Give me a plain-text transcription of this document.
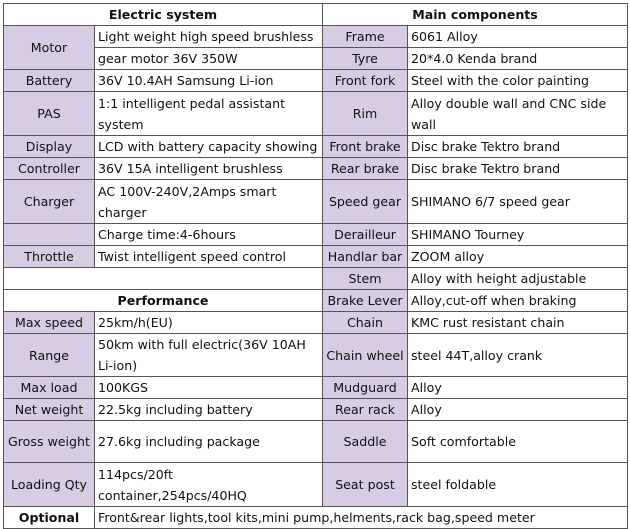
Electric system		Main components	
Motor	Light weight high speed brushless	Frame	6061 Alloy
	gear motor 36V 350W	Tyre	20*4.0 Kenda brand
Battery	36V 10.4AH Samsung Li-ion	Front fork	Steel with the color painting
PAS	1:1 intelligent pedal assistant system	Rim	Alloy double wall and CNC side wall
Display	LCD with battery capacity showing	Front brake	Disc brake Tektro brand
Controller	36V 15A intelligent brushless	Rear brake	Disc brake Tektro brand
Charger	AC 100V-240V,2Amps smart charger	Speed gear	SHIMANO 6/7 speed gear
	Charge time:4-6hours	Derailleur	SHIMANO Tourney
Throttle	Twist intelligent speed control	Handlar bar	ZOOM alloy
		Stem	Alloy with height adjustable
Performance		Brake Lever	Alloy,cut-off when braking
Max speed	25km/h(EU)	Chain	KMC rust resistant chain
Range	50km with full electric(36V 10AH Li-ion)	Chain wheel	steel 44T,alloy crank
Max load	100KGS	Mudguard	Alloy
Net weight	22.5kg including battery	Rear rack	Alloy
Gross weight	27.6kg including package	Saddle	Soft comfortable
Loading Qty	114pcs/20ft container,254pcs/40HQ	Seat post	steel foldable
Optional	Front&rear lights,tool kits,mini pump,helments,rack bag,speed meter		
